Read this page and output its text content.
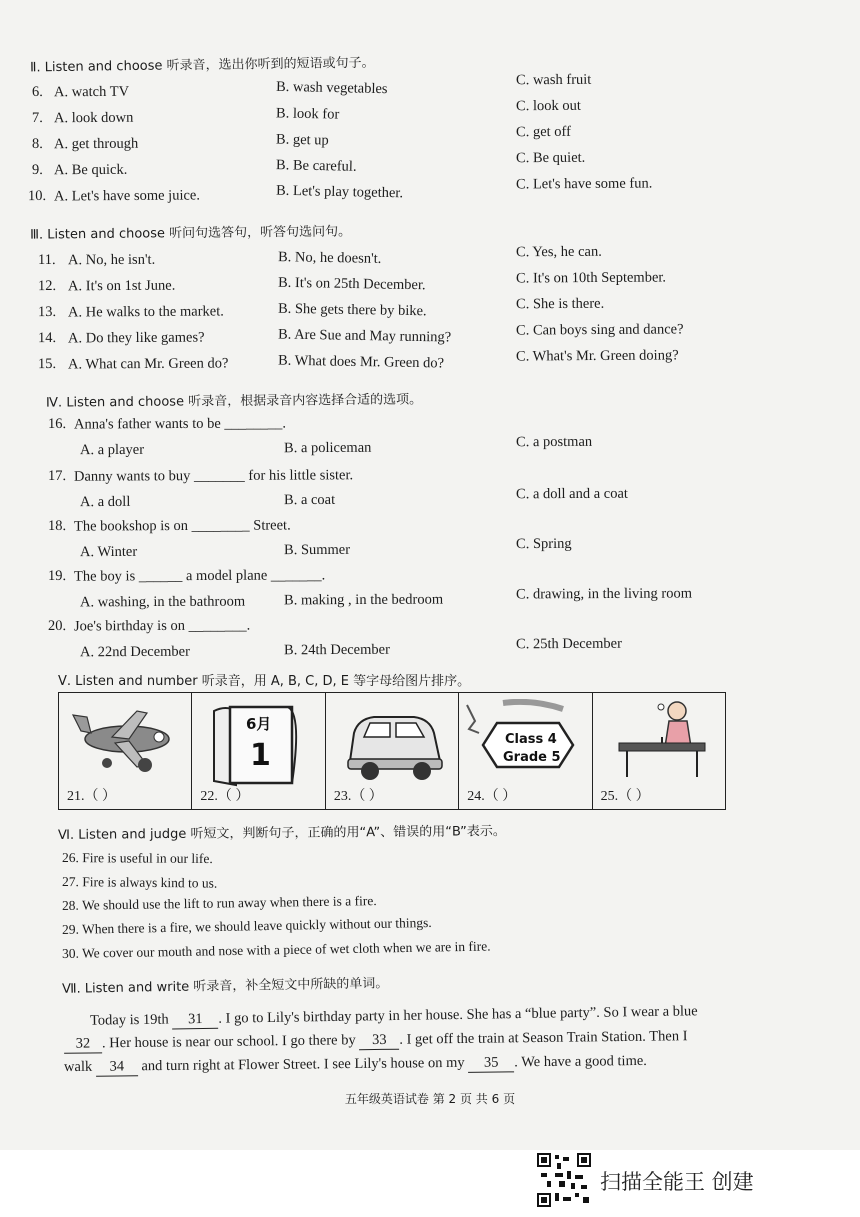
Ⅱ. Listen and choose 听录音，选出你听到的短语或句子。
6. A. watch TV	B. wash vegetables	C. wash fruit
7. A. look down	B. look for	C. look out
8. A. get through	B. get up	C. get off
9. A. Be quick.	B. Be careful.	C. Be quiet.
10. A. Let's have some juice.	B. Let's play together.	C. Let's have some fun.
Ⅲ. Listen and choose 听问句选答句，听答句选问句。
11. A. No, he isn't.	B. No, he doesn't.	C. Yes, he can.
12. A. It's on 1st June.	B. It's on 25th December.	C. It's on 10th September.
13. A. He walks to the market.	B. She gets there by bike.	C. She is there.
14. A. Do they like games?	B. Are Sue and May running?	C. Can boys sing and dance?
15. A. What can Mr. Green do?	B. What does Mr. Green do?	C. What's Mr. Green doing?
Ⅳ. Listen and choose 听录音，根据录音内容选择合适的选项。
16. Anna's father wants to be ________.
A. a player	B. a policeman	C. a postman
17. Danny wants to buy _______ for his little sister.
A. a doll	B. a coat	C. a doll and a coat
18. The bookshop is on ________ Street.
A. Winter	B. Summer	C. Spring
19. The boy is ______ a model plane _______.
A. washing, in the bathroom	B. making , in the bedroom	C. drawing, in the living room
20. Joe's birthday is on ________.
A. 22nd December	B. 24th December	C. 25th December
Ⅴ. Listen and number 听录音，用 A, B, C, D, E 等字母给图片排序。
21.（ ）
6月
1
22.（ ）	23.（ ）
Class 4
Grade 5
24.（ ）	25.（ ）
Ⅵ. Listen and judge 听短文，判断句子，正确的用“A”、错误的用“B”表示。
26. Fire is useful in our life.
27. Fire is always kind to us.
28. We should use the lift to run away when there is a fire.
29. When there is a fire, we should leave quickly without our things.
30. We cover our mouth and nose with a piece of wet cloth when we are in fire.
Ⅶ. Listen and write 听录音，补全短文中所缺的单词。
Today is 19th 31 . I go to Lily's birthday party in her house. She has a “blue party”. So I wear a blue
32 . Her house is near our school. I go there by 33 . I get off the train at Season Train Station. Then I
walk 34 and turn right at Flower Street. I see Lily's house on my 35 . We have a good time.
五年级英语试卷 第 2 页 共 6 页
扫描全能王 创建
